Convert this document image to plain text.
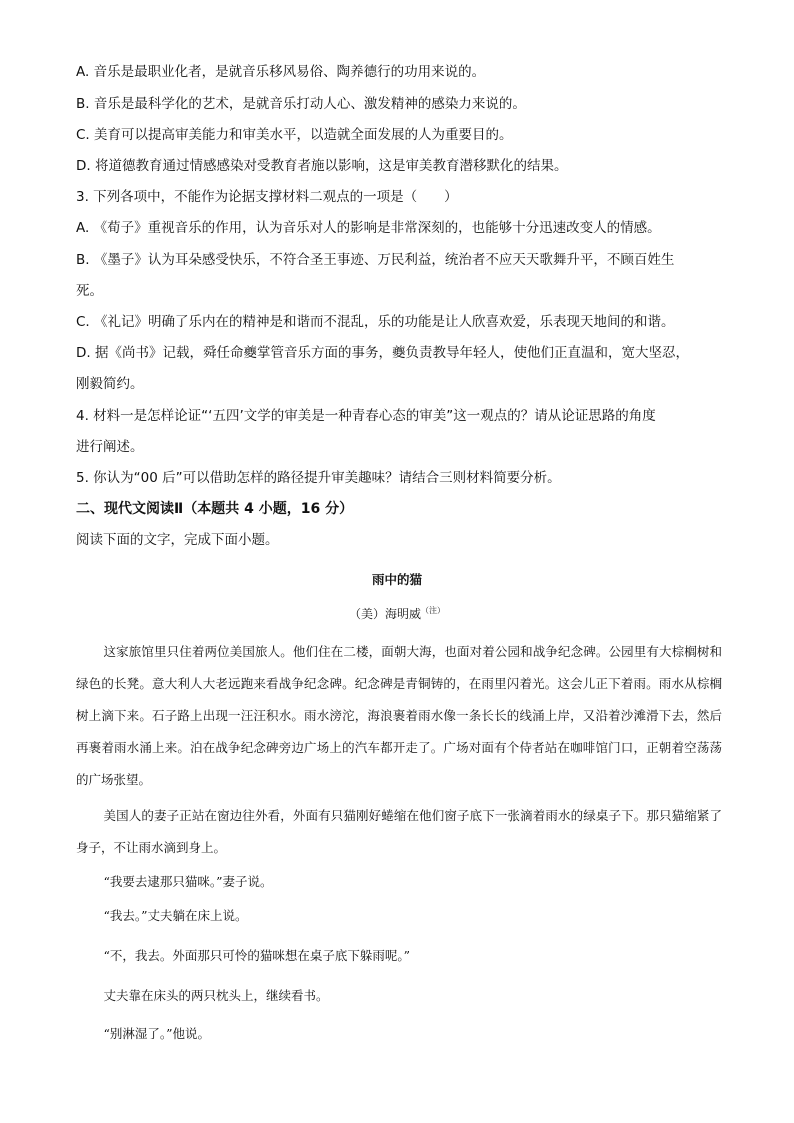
A. 音乐是最职业化者，是就音乐移风易俗、陶养德行的功用来说的。

B. 音乐是最科学化的艺术，是就音乐打动人心、激发精神的感染力来说的。

C. 美育可以提高审美能力和审美水平，以造就全面发展的人为重要目的。

D. 将道德教育通过情感感染对受教育者施以影响，这是审美教育潜移默化的结果。

3. 下列各项中，不能作为论据支撑材料二观点的一项是（　　）

A. 《荀子》重视音乐的作用，认为音乐对人的影响是非常深刻的，也能够十分迅速改变人的情感。

B. 《墨子》认为耳朵感受快乐，不符合圣王事迹、万民利益，统治者不应天天歌舞升平，不顾百姓生

死。

C. 《礼记》明确了乐内在的精神是和谐而不混乱，乐的功能是让人欣喜欢爱，乐表现天地间的和谐。

D. 据《尚书》记载，舜任命夔掌管音乐方面的事务，夔负责教导年轻人，使他们正直温和，宽大坚忍，

刚毅简约。

4. 材料一是怎样论证“‘五四’文学的审美是一种青春心态的审美”这一观点的？请从论证思路的角度

进行阐述。

5. 你认为“00 后”可以借助怎样的路径提升审美趣味？请结合三则材料简要分析。

二、现代文阅读Ⅱ（本题共 4 小题，16 分）

阅读下面的文字，完成下面小题。

雨中的猫

（美）海明威$^{(注)}$

这家旅馆里只住着两位美国旅人。他们住在二楼，面朝大海，也面对着公园和战争纪念碑。公园里有大棕榈树和绿色的长凳。意大利人大老远跑来看战争纪念碑。纪念碑是青铜铸的，在雨里闪着光。这会儿正下着雨。雨水从棕榈树上滴下来。石子路上出现一汪汪积水。雨水滂沱，海浪裹着雨水像一条长长的线涌上岸，又沿着沙滩滑下去，然后再裹着雨水涌上来。泊在战争纪念碑旁边广场上的汽车都开走了。广场对面有个侍者站在咖啡馆门口，正朝着空荡荡的广场张望。

美国人的妻子正站在窗边往外看，外面有只猫刚好蜷缩在他们窗子底下一张滴着雨水的绿桌子下。那只猫缩紧了身子，不让雨水滴到身上。

“我要去逮那只猫咪。”妻子说。

“我去。”丈夫躺在床上说。

“不，我去。外面那只可怜的猫咪想在桌子底下躲雨呢。”

丈夫靠在床头的两只枕头上，继续看书。

“别淋湿了。”他说。
